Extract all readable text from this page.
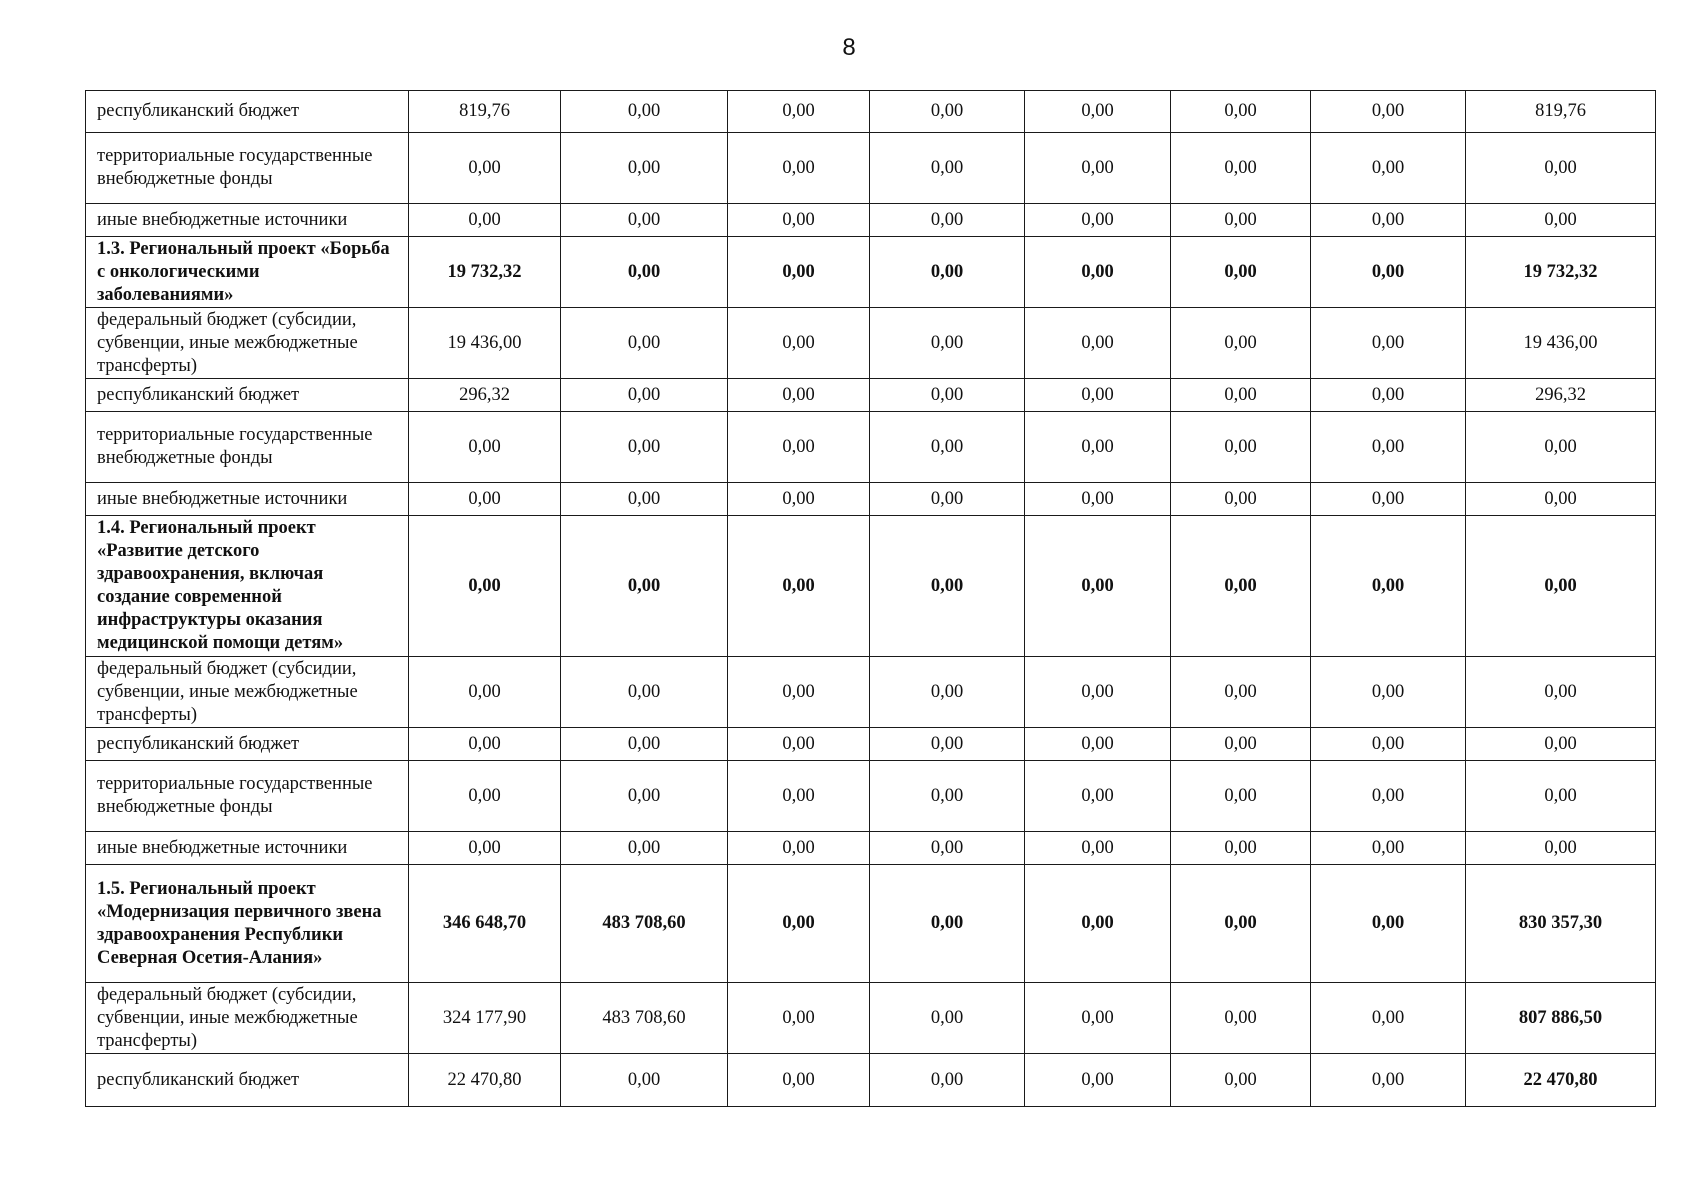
8
республиканский бюджет	819,76	0,00	0,00	0,00	0,00	0,00	0,00	819,76
территориальные государственные внебюджетные фонды	0,00	0,00	0,00	0,00	0,00	0,00	0,00	0,00
иные внебюджетные источники	0,00	0,00	0,00	0,00	0,00	0,00	0,00	0,00
1.3. Региональный проект «Борьба с онкологическими заболеваниями»	19 732,32	0,00	0,00	0,00	0,00	0,00	0,00	19 732,32
федеральный бюджет (субсидии, субвенции, иные межбюджетные трансферты)	19 436,00	0,00	0,00	0,00	0,00	0,00	0,00	19 436,00
республиканский бюджет	296,32	0,00	0,00	0,00	0,00	0,00	0,00	296,32
территориальные государственные внебюджетные фонды	0,00	0,00	0,00	0,00	0,00	0,00	0,00	0,00
иные внебюджетные источники	0,00	0,00	0,00	0,00	0,00	0,00	0,00	0,00
1.4. Региональный проект «Развитие детского здравоохранения, включая создание современной инфраструктуры оказания медицинской помощи детям»	0,00	0,00	0,00	0,00	0,00	0,00	0,00	0,00
федеральный бюджет (субсидии, субвенции, иные межбюджетные трансферты)	0,00	0,00	0,00	0,00	0,00	0,00	0,00	0,00
республиканский бюджет	0,00	0,00	0,00	0,00	0,00	0,00	0,00	0,00
территориальные государственные внебюджетные фонды	0,00	0,00	0,00	0,00	0,00	0,00	0,00	0,00
иные внебюджетные источники	0,00	0,00	0,00	0,00	0,00	0,00	0,00	0,00
1.5. Региональный проект «Модернизация первичного звена здравоохранения Республики Северная Осетия-Алания»	346 648,70	483 708,60	0,00	0,00	0,00	0,00	0,00	830 357,30
федеральный бюджет (субсидии, субвенции, иные межбюджетные трансферты)	324 177,90	483 708,60	0,00	0,00	0,00	0,00	0,00	807 886,50
республиканский бюджет	22 470,80	0,00	0,00	0,00	0,00	0,00	0,00	22 470,80
